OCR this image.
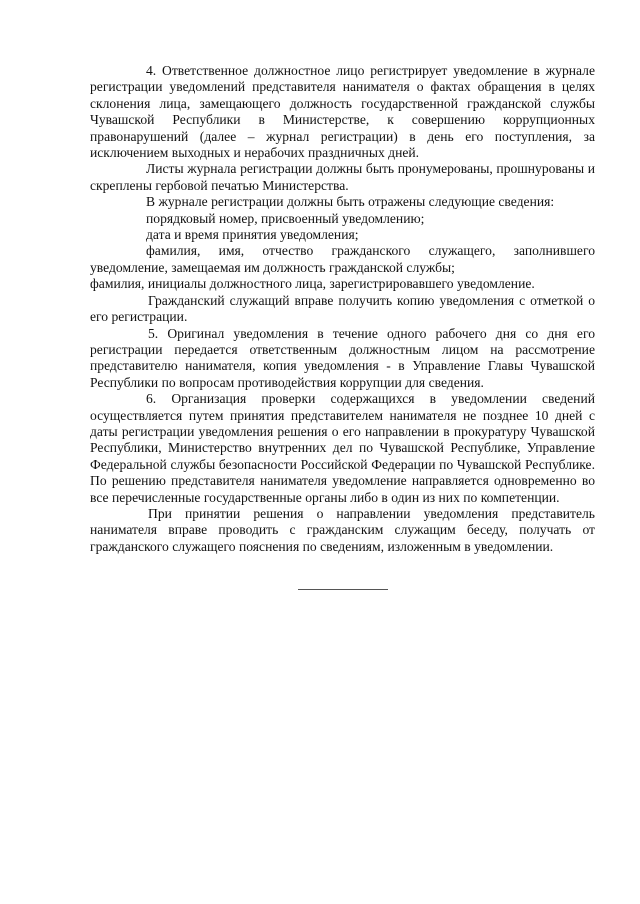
4. Ответственное должностное лицо регистрирует уведомление в журнале регистрации уведомлений представителя нанимателя о фактах обращения в целях склонения лица, замещающего должность государственной гражданской службы Чувашской Республики в Министерстве, к совершению коррупционных правонарушений (далее – журнал регистрации) в день его поступления, за исключением выходных и нерабочих праздничных дней.

Листы журнала регистрации должны быть пронумерованы, прошнурованы и скреплены гербовой печатью Министерства.

В журнале регистрации должны быть отражены следующие сведения:

порядковый номер, присвоенный уведомлению;

дата и время принятия уведомления;

фамилия, имя, отчество гражданского служащего, заполнившего уведомление, замещаемая им должность гражданской службы;

фамилия, инициалы должностного лица, зарегистрировавшего уведомление.

Гражданский служащий вправе получить копию уведомления с отметкой о его регистрации.

5. Оригинал уведомления в течение одного рабочего дня со дня его регистрации передается ответственным должностным лицом на рассмотрение представителю нанимателя, копия уведомления - в Управление Главы Чувашской Республики по вопросам противодействия коррупции для сведения.

6. Организация проверки содержащихся в уведомлении сведений осуществляется путем принятия представителем нанимателя не позднее 10 дней с даты регистрации уведомления решения о его направлении в прокуратуру Чувашской Республики, Министерство внутренних дел по Чувашской Республике, Управление Федеральной службы безопасности Российской Федерации по Чувашской Республике. По решению представителя нанимателя уведомление направляется одновременно во все перечисленные государственные органы либо в один из них по компетенции.

При принятии решения о направлении уведомления представитель нанимателя вправе проводить с гражданским служащим беседу, получать от гражданского служащего пояснения по сведениям, изложенным в уведомлении.
